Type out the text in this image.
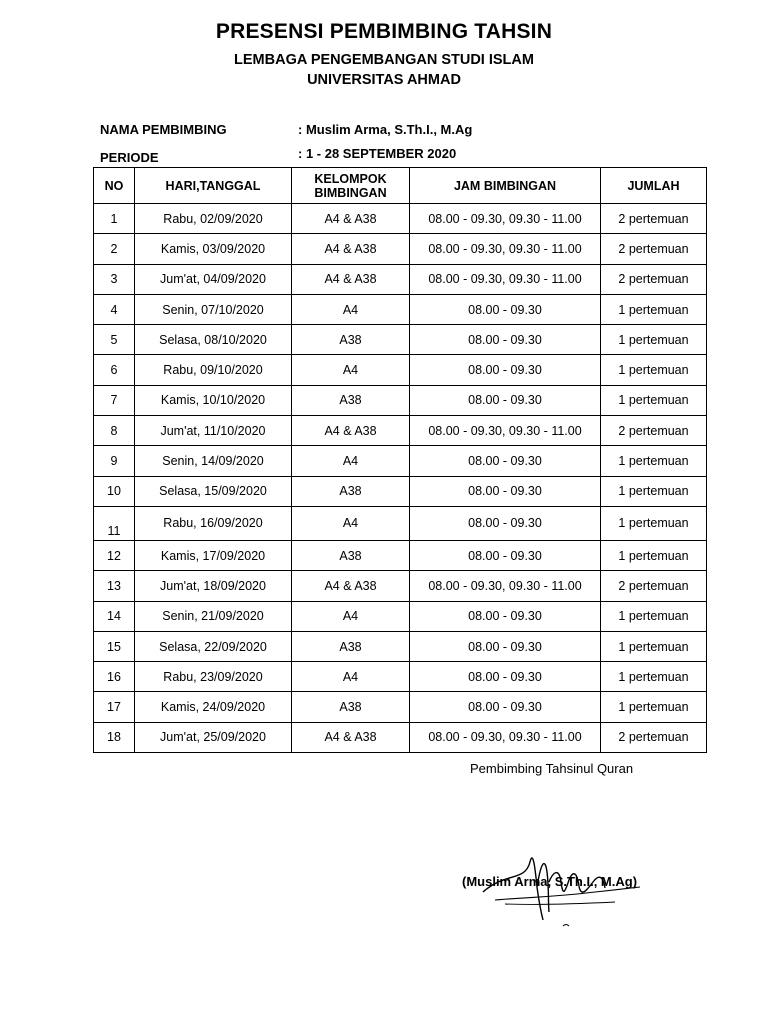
PRESENSI PEMBIMBING TAHSIN
LEMBAGA PENGEMBANGAN STUDI ISLAM
UNIVERSITAS AHMAD
NAMA PEMBIMBING	: Muslim Arma, S.Th.I., M.Ag
PERIODE	: 1 - 28 SEPTEMBER 2020
NO	HARI,TANGGAL	KELOMPOK BIMBINGAN	JAM BIMBINGAN	JUMLAH
1	Rabu, 02/09/2020	A4 & A38	08.00 - 09.30, 09.30 - 11.00	2 pertemuan
2	Kamis, 03/09/2020	A4 & A38	08.00 - 09.30, 09.30 - 11.00	2 pertemuan
3	Jum'at, 04/09/2020	A4 & A38	08.00 - 09.30, 09.30 - 11.00	2 pertemuan
4	Senin, 07/10/2020	A4	08.00 - 09.30	1 pertemuan
5	Selasa, 08/10/2020	A38	08.00 - 09.30	1 pertemuan
6	Rabu, 09/10/2020	A4	08.00 - 09.30	1 pertemuan
7	Kamis, 10/10/2020	A38	08.00 - 09.30	1 pertemuan
8	Jum'at, 11/10/2020	A4 & A38	08.00 - 09.30, 09.30 - 11.00	2 pertemuan
9	Senin, 14/09/2020	A4	08.00 - 09.30	1 pertemuan
10	Selasa, 15/09/2020	A38	08.00 - 09.30	1 pertemuan
11	Rabu, 16/09/2020	A4	08.00 - 09.30	1 pertemuan
12	Kamis, 17/09/2020	A38	08.00 - 09.30	1 pertemuan
13	Jum'at, 18/09/2020	A4 & A38	08.00 - 09.30, 09.30 - 11.00	2 pertemuan
14	Senin, 21/09/2020	A4	08.00 - 09.30	1 pertemuan
15	Selasa, 22/09/2020	A38	08.00 - 09.30	1 pertemuan
16	Rabu, 23/09/2020	A4	08.00 - 09.30	1 pertemuan
17	Kamis, 24/09/2020	A38	08.00 - 09.30	1 pertemuan
18	Jum'at, 25/09/2020	A4 & A38	08.00 - 09.30, 09.30 - 11.00	2 pertemuan
Pembimbing Tahsinul Quran
(Muslim Arma, S.Th.I., M.Ag)
